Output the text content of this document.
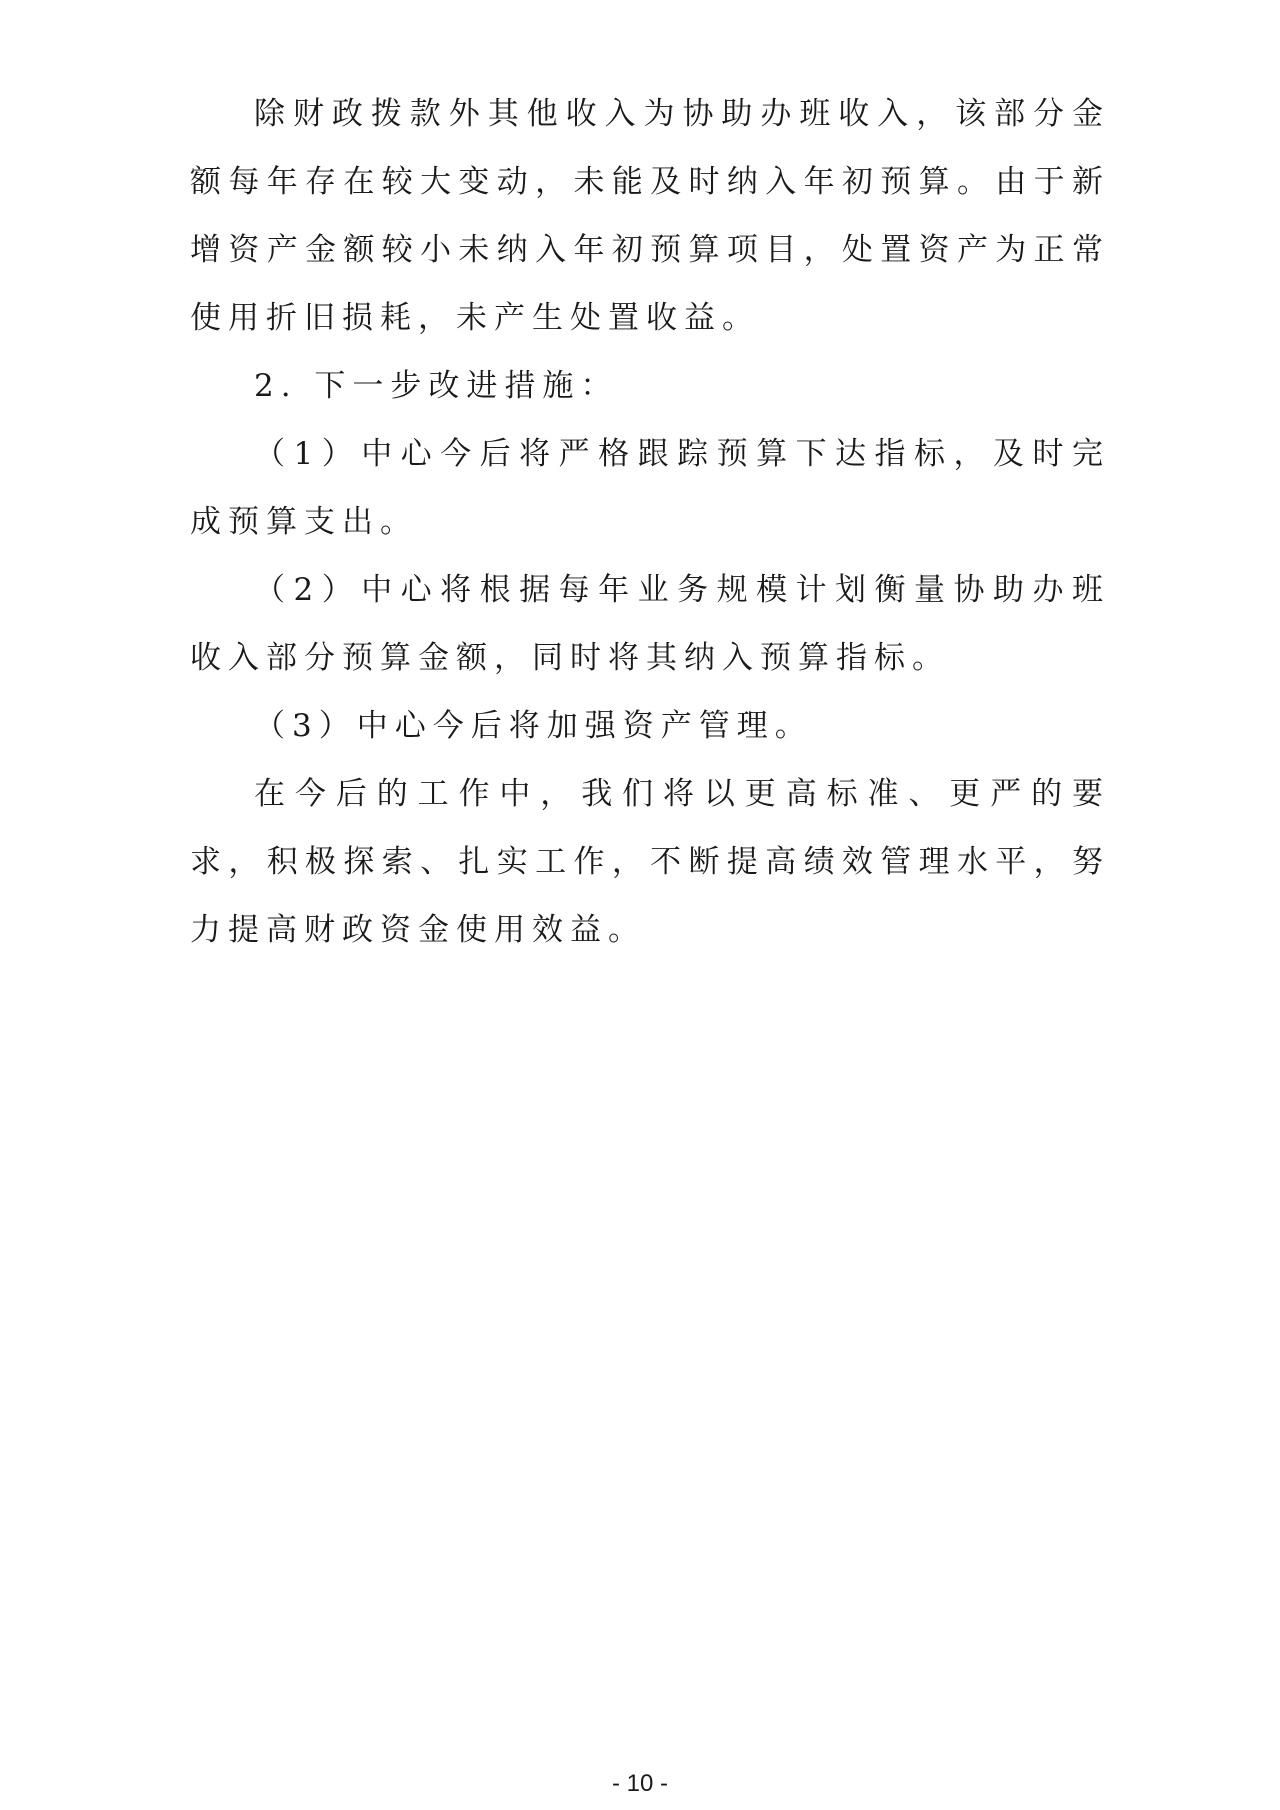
除财政拨款外其他收入为协助办班收入，该部分金额每年存在较大变动，未能及时纳入年初预算。由于新增资产金额较小未纳入年初预算项目，处置资产为正常使用折旧损耗，未产生处置收益。

2. 下一步改进措施：

（1）中心今后将严格跟踪预算下达指标，及时完成预算支出。

（2）中心将根据每年业务规模计划衡量协助办班收入部分预算金额，同时将其纳入预算指标。

（3）中心今后将加强资产管理。

在今后的工作中，我们将以更高标准、更严的要求，积极探索、扎实工作，不断提高绩效管理水平，努力提高财政资金使用效益。

- 10 -
